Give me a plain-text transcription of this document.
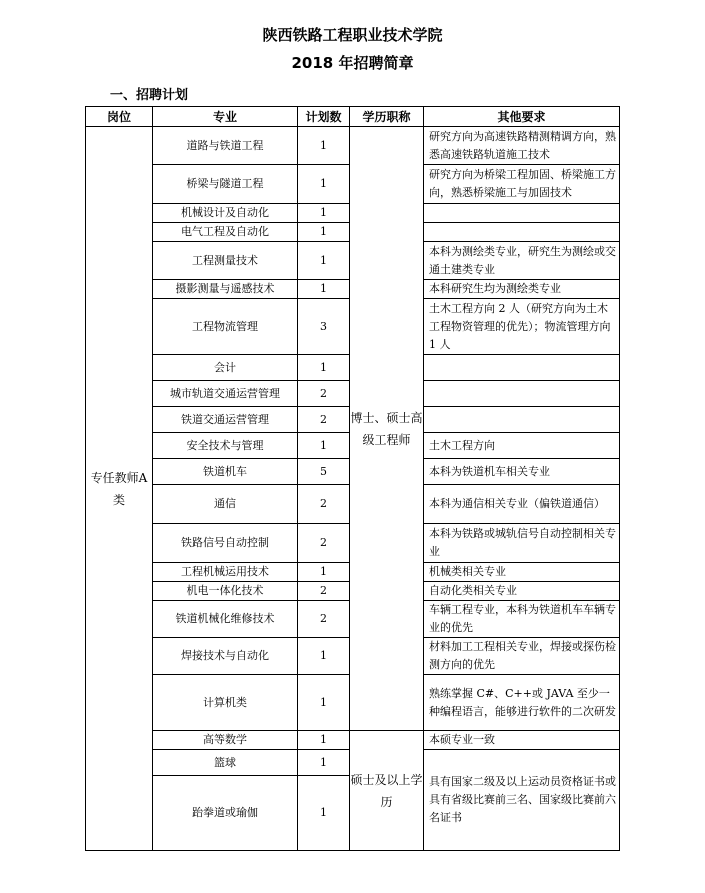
陕西铁路工程职业技术学院
2018 年招聘简章
一、招聘计划
岗位	专业	计划数	学历职称	其他要求
专任教师A类	道路与铁道工程	1	博士、硕士高级工程师	研究方向为高速铁路精测精调方向，熟悉高速铁路轨道施工技术
	桥梁与隧道工程	1		研究方向为桥梁工程加固、桥梁施工方向，熟悉桥梁施工与加固技术
	机械设计及自动化	1		
	电气工程及自动化	1		
	工程测量技术	1		本科为测绘类专业，研究生为测绘或交通土建类专业
	摄影测量与遥感技术	1		本科研究生均为测绘类专业
	工程物流管理	3		土木工程方向 2 人（研究方向为土木工程物资管理的优先）；物流管理方向 1 人
	会计	1		
	城市轨道交通运营管理	2		
	铁道交通运营管理	2		
	安全技术与管理	1		土木工程方向
	铁道机车	5		本科为铁道机车相关专业
	通信	2		本科为通信相关专业（偏铁道通信）
	铁路信号自动控制	2		本科为铁路或城轨信号自动控制相关专业
	工程机械运用技术	1		机械类相关专业
	机电一体化技术	2		自动化类相关专业
	铁道机械化维修技术	2		车辆工程专业，本科为铁道机车车辆专业的优先
	焊接技术与自动化	1		材料加工工程相关专业，焊接或探伤检测方向的优先
	计算机类	1		熟练掌握 C#、C++或 JAVA 至少一种编程语言，能够进行软件的二次研发
	高等数学	1	硕士及以上学历	本硕专业一致
	篮球	1		具有国家二级及以上运动员资格证书或具有省级比赛前三名、国家级比赛前六名证书
	跆拳道或瑜伽	1		
